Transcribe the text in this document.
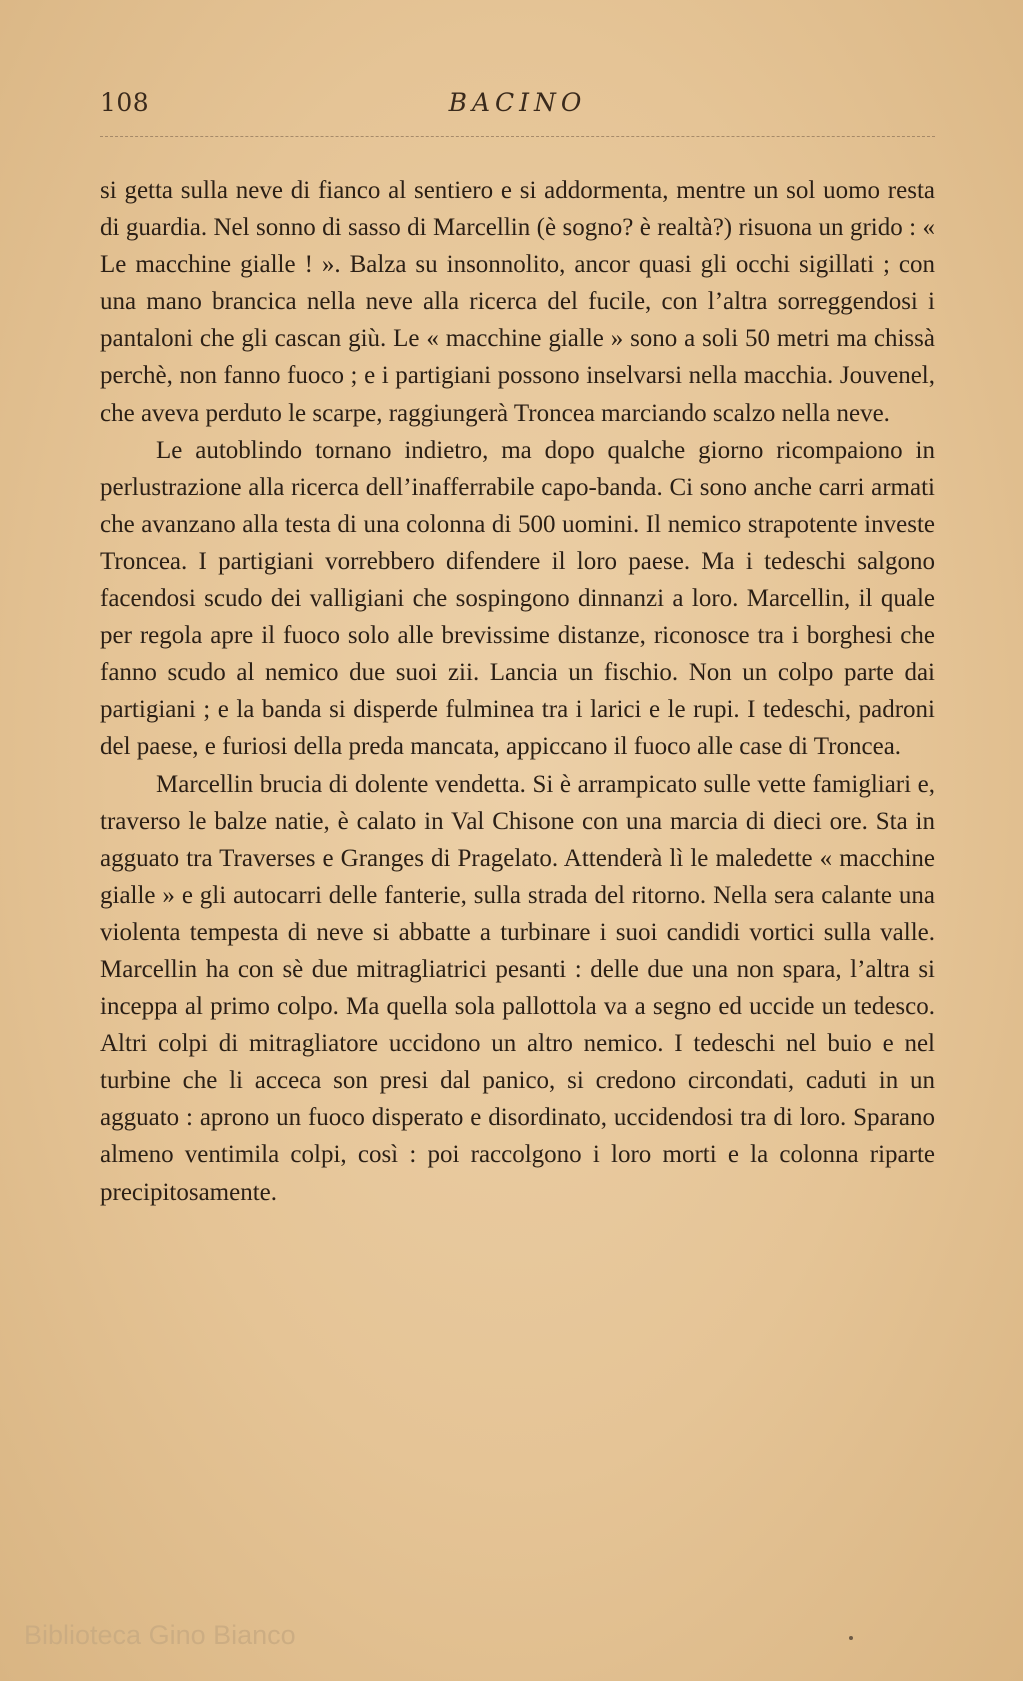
108	BACINO

si getta sulla neve di fianco al sentiero e si addormenta, mentre un sol uomo resta di guardia. Nel sonno di sasso di Marcellin (è sogno? è realtà?) risuona un grido : « Le macchine gialle ! ». Balza su insonnolito, ancor quasi gli occhi sigillati ; con una mano brancica nella neve alla ricerca del fucile, con l’altra sorreggendosi i pantaloni che gli cascan giù. Le « macchine gialle » sono a soli 50 metri ma chissà perchè, non fanno fuoco ; e i partigiani possono inselvarsi nella macchia. Jouvenel, che aveva perduto le scarpe, raggiungerà Troncea marciando scalzo nella neve.

Le autoblindo tornano indietro, ma dopo qualche giorno ricompaiono in perlustrazione alla ricerca dell’inafferrabile capo-banda. Ci sono anche carri armati che avanzano alla testa di una colonna di 500 uomini. Il nemico strapotente investe Troncea. I partigiani vorrebbero difendere il loro paese. Ma i tedeschi salgono facendosi scudo dei valligiani che sospingono dinnanzi a loro. Marcellin, il quale per regola apre il fuoco solo alle brevissime distanze, riconosce tra i borghesi che fanno scudo al nemico due suoi zii. Lancia un fischio. Non un colpo parte dai partigiani ; e la banda si disperde fulminea tra i larici e le rupi. I tedeschi, padroni del paese, e furiosi della preda mancata, appiccano il fuoco alle case di Troncea.

Marcellin brucia di dolente vendetta. Si è arrampicato sulle vette famigliari e, traverso le balze natie, è calato in Val Chisone con una marcia di dieci ore. Sta in agguato tra Traverses e Granges di Pragelato. Attenderà lì le maledette « macchine gialle » e gli autocarri delle fanterie, sulla strada del ritorno. Nella sera calante una violenta tempesta di neve si abbatte a turbinare i suoi candidi vortici sulla valle. Marcellin ha con sè due mitragliatrici pesanti : delle due una non spara, l’altra si inceppa al primo colpo. Ma quella sola pallottola va a segno ed uccide un tedesco. Altri colpi di mitragliatore uccidono un altro nemico. I tedeschi nel buio e nel turbine che li acceca son presi dal panico, si credono circondati, caduti in un agguato : aprono un fuoco disperato e disordinato, uccidendosi tra di loro. Sparano almeno ventimila colpi, così : poi raccolgono i loro morti e la colonna riparte precipitosamente.

Biblioteca Gino Bianco
